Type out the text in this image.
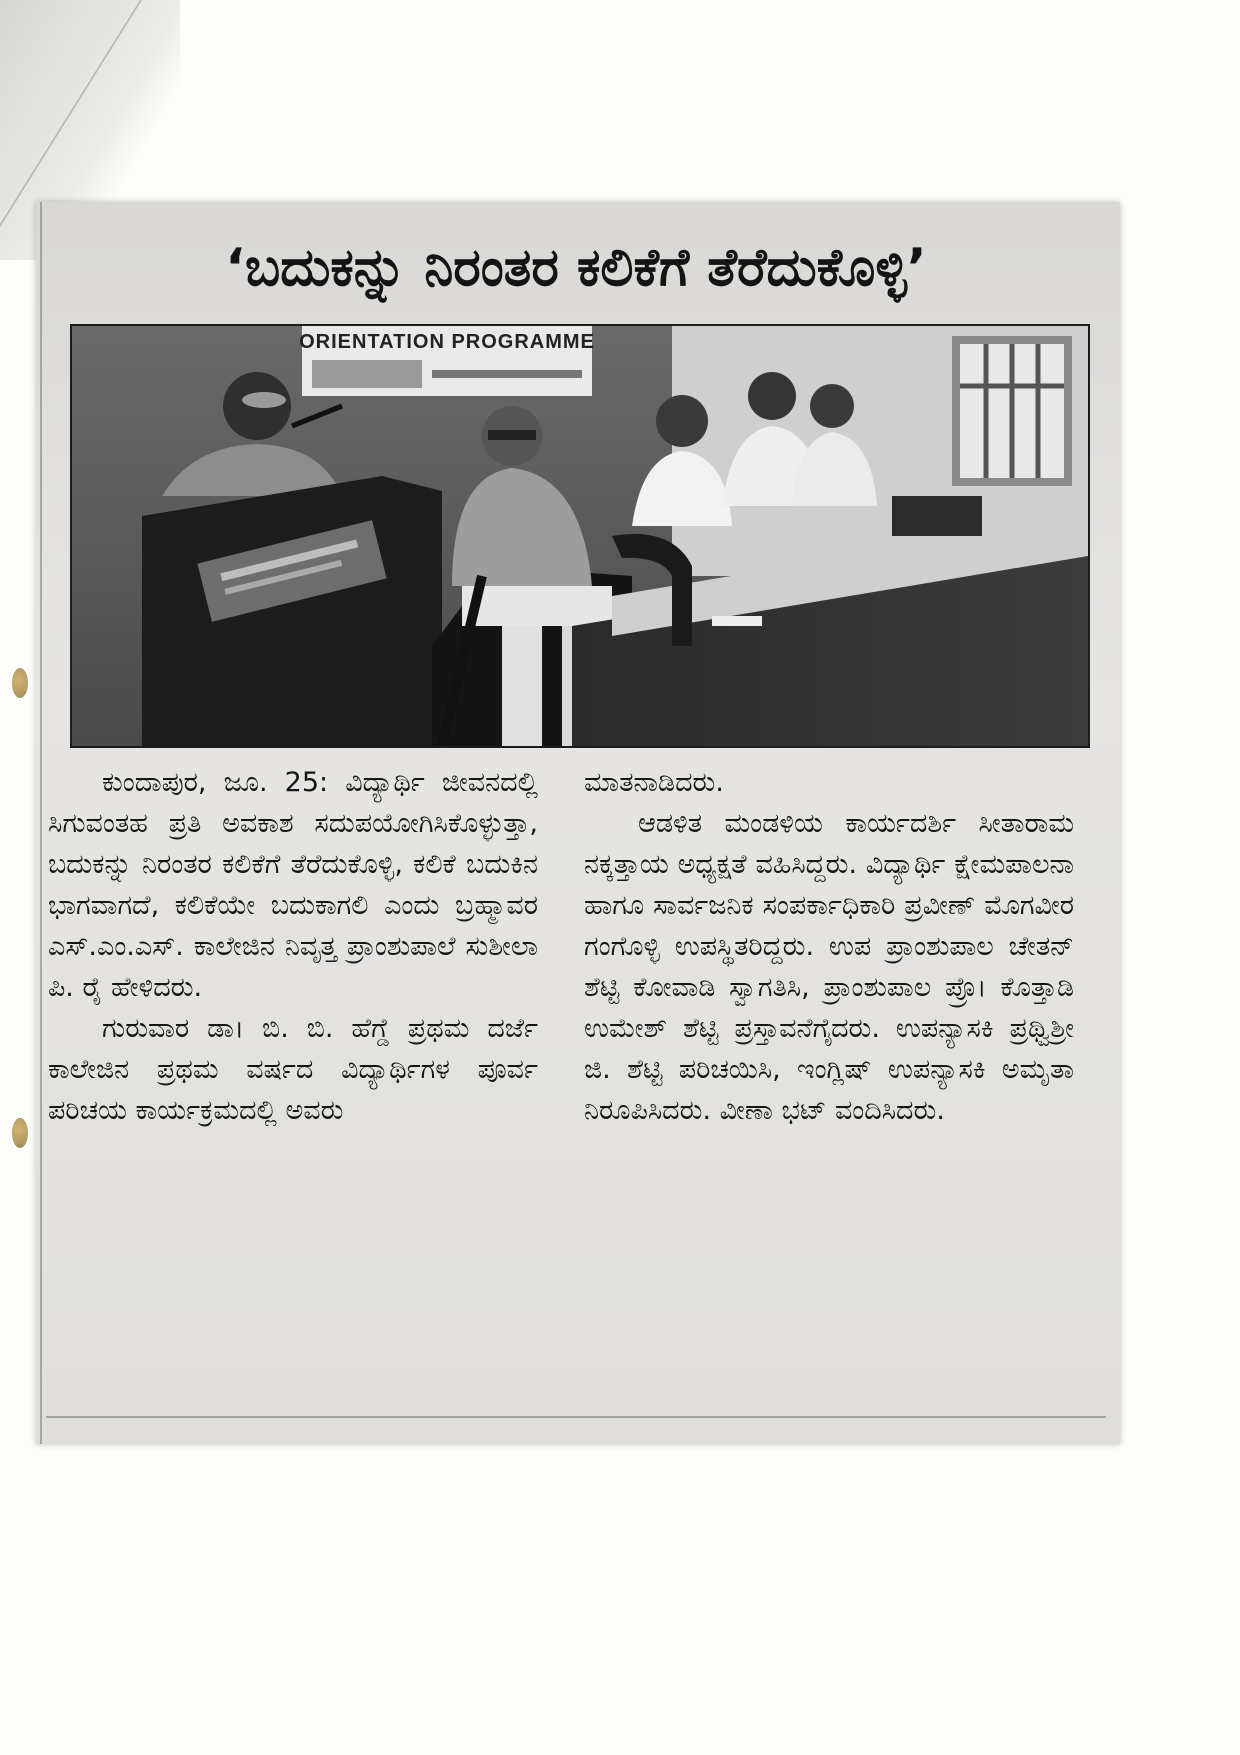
‘ಬದುಕನ್ನು ನಿರಂತರ ಕಲಿಕೆಗೆ ತೆರೆದುಕೊಳ್ಳಿ’
ORIENTATION PROGRAMME

ಕುಂದಾಪುರ, ಜೂ. 25: ವಿದ್ಯಾರ್ಥಿ ಜೀವನದಲ್ಲಿ ಸಿಗುವಂತಹ ಪ್ರತಿ ಅವಕಾಶ ಸದುಪಯೋಗಿಸಿಕೊಳ್ಳುತ್ತಾ, ಬದುಕನ್ನು ನಿರಂತರ ಕಲಿಕೆಗೆ ತೆರೆದುಕೊಳ್ಳಿ, ಕಲಿಕೆ ಬದುಕಿನ ಭಾಗವಾಗದೆ, ಕಲಿಕೆಯೇ ಬದುಕಾಗಲಿ ಎಂದು ಬ್ರಹ್ಮಾವರ ಎಸ್.ಎಂ.ಎಸ್. ಕಾಲೇಜಿನ ನಿವೃತ್ತ ಪ್ರಾಂಶುಪಾಲೆ ಸುಶೀಲಾ ಪಿ. ರೈ ಹೇಳಿದರು.

ಗುರುವಾರ ಡಾ। ಬಿ. ಬಿ. ಹೆಗ್ಡೆ ಪ್ರಥಮ ದರ್ಜೆ ಕಾಲೇಜಿನ ಪ್ರಥಮ ವರ್ಷದ ವಿದ್ಯಾರ್ಥಿಗಳ ಪೂರ್ವ ಪರಿಚಯ ಕಾರ್ಯಕ್ರಮದಲ್ಲಿ ಅವರು

ಮಾತನಾಡಿದರು.

ಆಡಳಿತ ಮಂಡಳಿಯ ಕಾರ್ಯದರ್ಶಿ ಸೀತಾರಾಮ ನಕ್ಕತ್ತಾಯ ಅಧ್ಯಕ್ಷತೆ ವಹಿಸಿದ್ದರು. ವಿದ್ಯಾರ್ಥಿ ಕ್ಷೇಮಪಾಲನಾ ಹಾಗೂ ಸಾರ್ವಜನಿಕ ಸಂಪರ್ಕಾಧಿಕಾರಿ ಪ್ರವೀಣ್ ಮೊಗವೀರ ಗಂಗೊಳ್ಳಿ ಉಪಸ್ಥಿತರಿದ್ದರು. ಉಪ ಪ್ರಾಂಶುಪಾಲ ಚೇತನ್ ಶೆಟ್ಟಿ ಕೋವಾಡಿ ಸ್ವಾಗತಿಸಿ, ಪ್ರಾಂಶುಪಾಲ ಪ್ರೊ। ಕೊತ್ತಾಡಿ ಉಮೇಶ್ ಶೆಟ್ಟಿ ಪ್ರಸ್ತಾವನೆಗೈದರು. ಉಪನ್ಯಾಸಕಿ ಪ್ರಥ್ವಿಶ್ರೀ ಜಿ. ಶೆಟ್ಟಿ ಪರಿಚಯಿಸಿ, ಇಂಗ್ಲಿಷ್ ಉಪನ್ಯಾಸಕಿ ಅಮೃತಾ ನಿರೂಪಿಸಿದರು. ವೀಣಾ ಭಟ್ ವಂದಿಸಿದರು.
